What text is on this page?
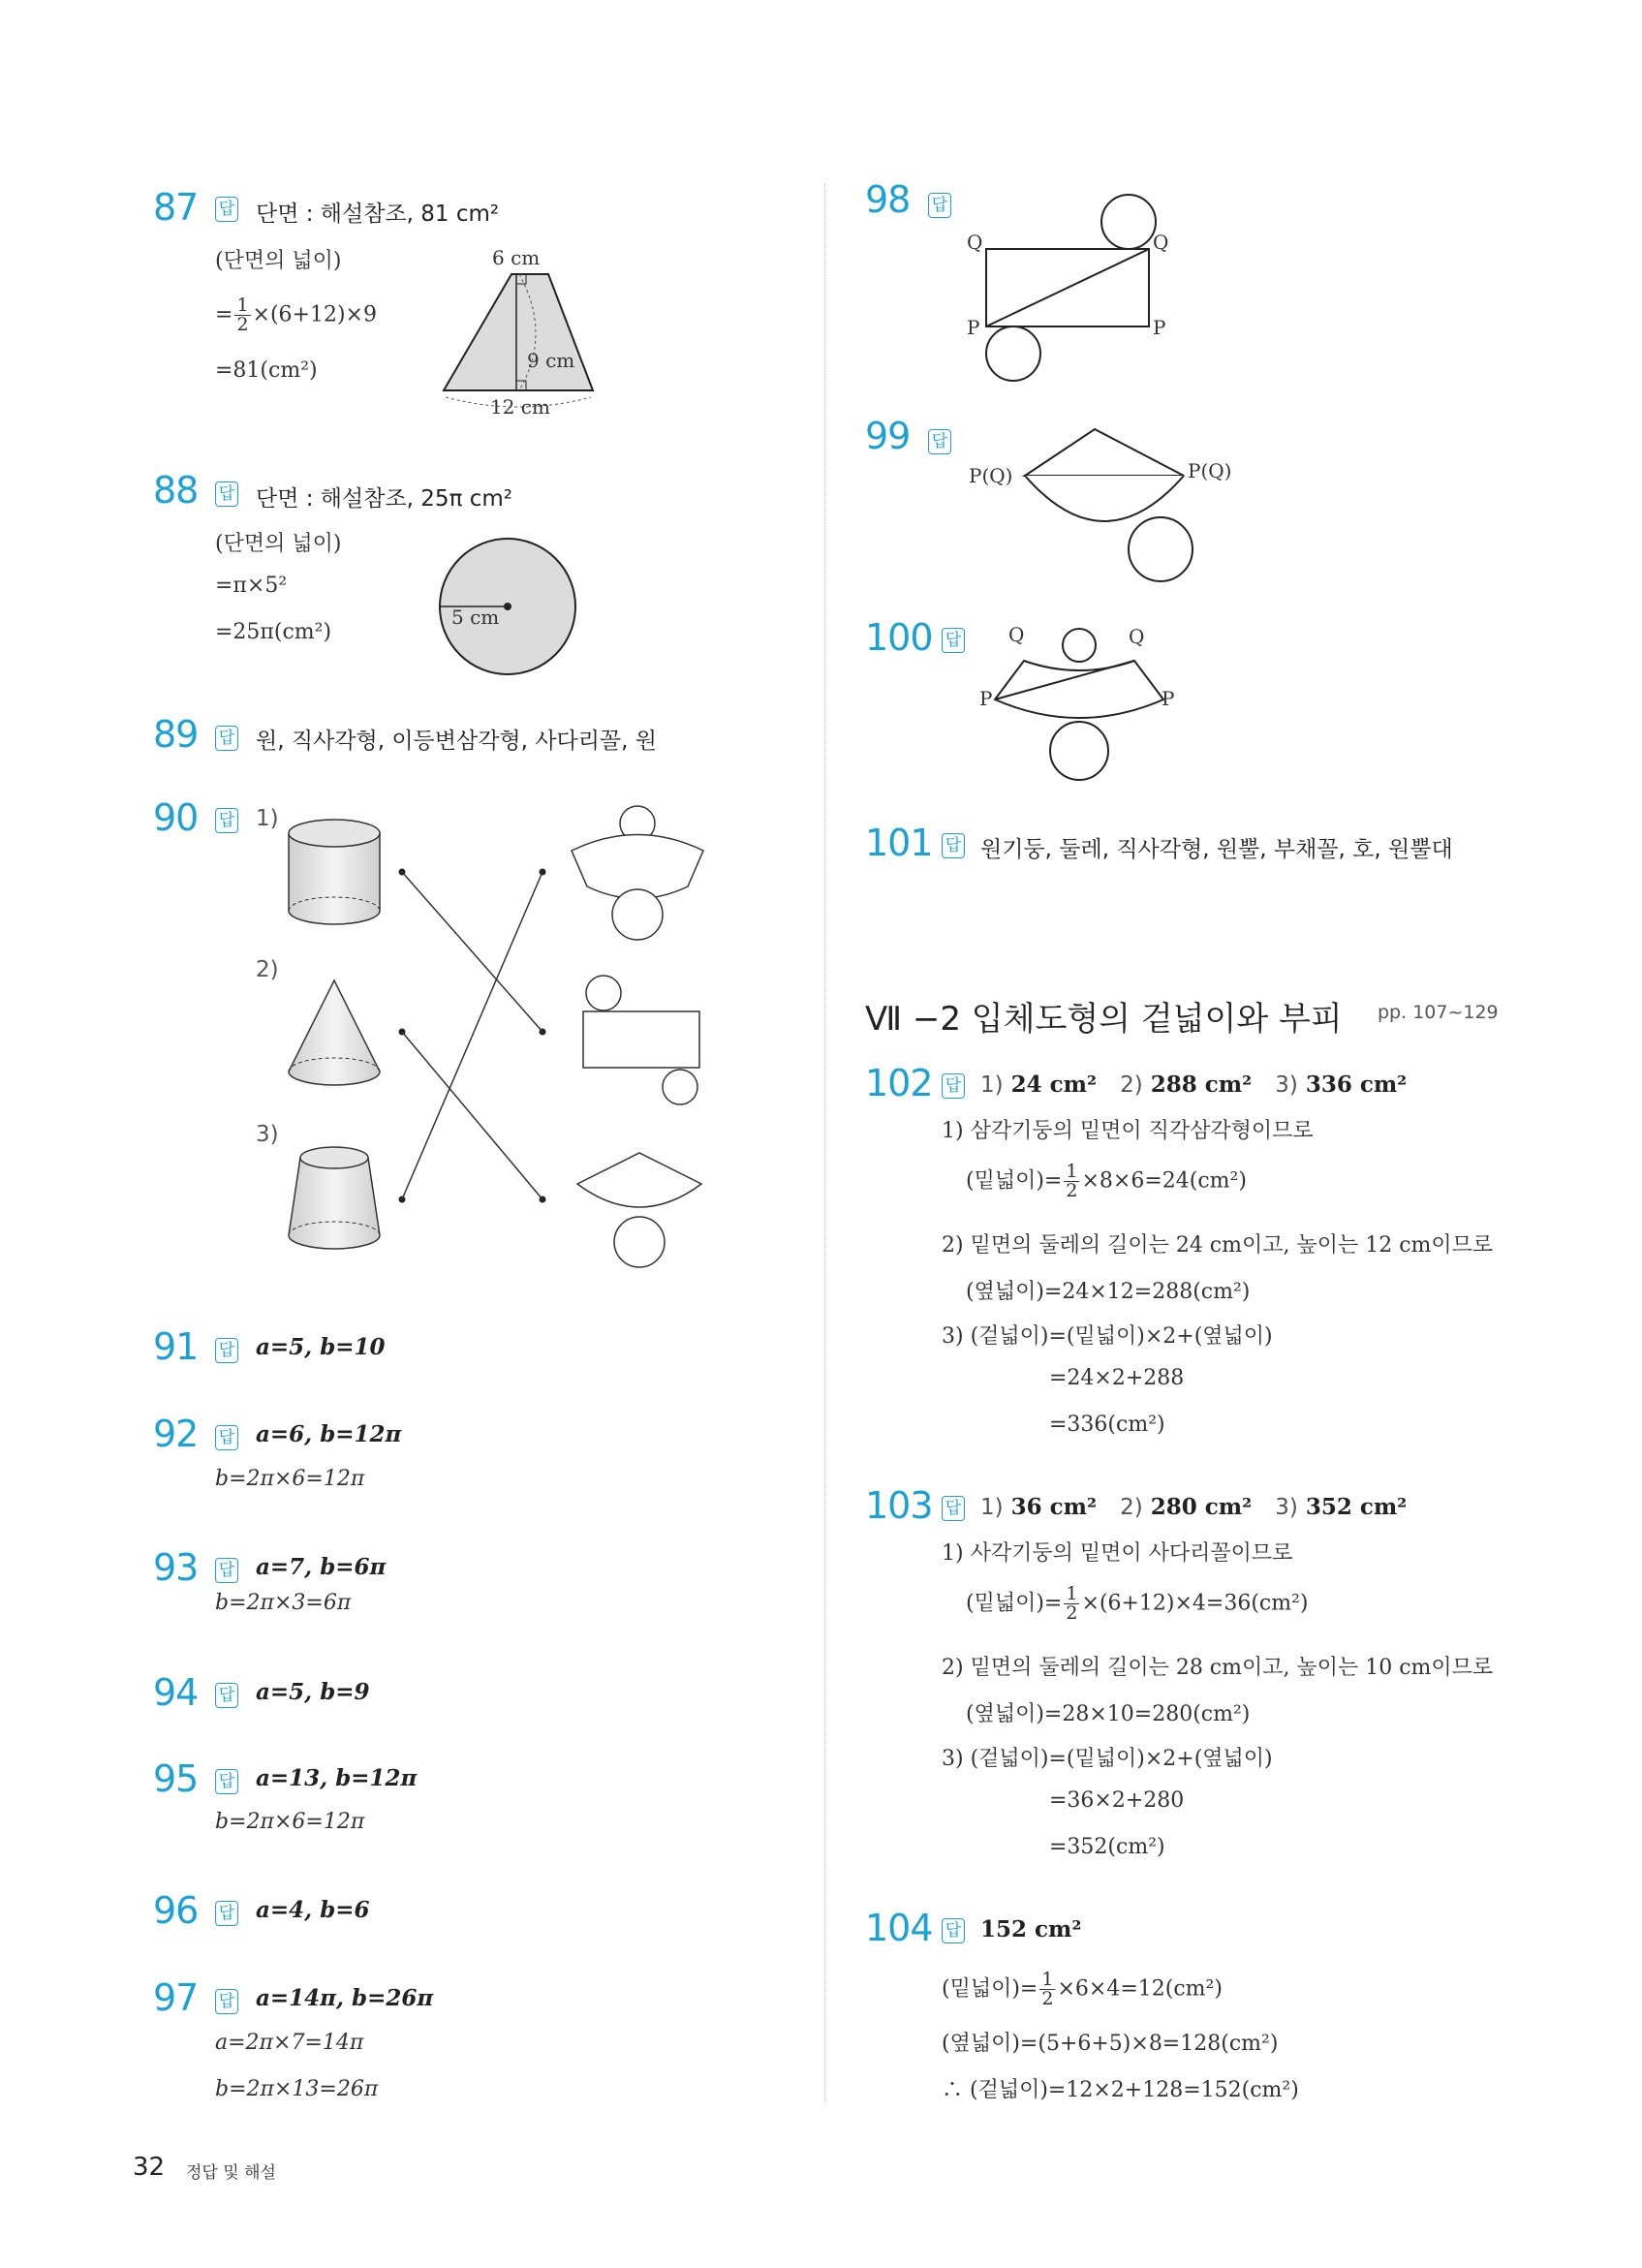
87 답 단면 : 해설참조, 81 cm²
(단면의 넓이)
= $\frac{1}{2} \times(6+12)\times 9$
=81(cm²)
6 cm
9 cm
12 cm
88 답 단면 : 해설참조, 25π cm²
(단면의 넓이)
=π×5²
=25π(cm²)
5 cm
89 답 원, 직사각형, 이등변삼각형, 사다리꼴, 원
90 답 1)
2)
3)
91 답 a=5, b=10
92 답 a=6, b=12π
b=2π×6=12π
93 답 a=7, b=6π
b=2π×3=6π
94 답 a=5, b=9
95 답 a=13, b=12π
b=2π×6=12π
96 답 a=4, b=6
97 답 a=14π, b=26π
a=2π×7=14π
b=2π×13=26π
32 정답 및 해설
98 답
Q	Q
P	P
99 답
P(Q)	P(Q)
100 답 Q	Q
P	P
101 답 원기둥, 둘레, 직사각형, 원뿔, 부채꼴, 호, 원뿔대
Ⅶ −2 입체도형의 겉넓이와 부피 pp. 107~129
102 답 1) 24 cm² 2) 288 cm² 3) 336 cm²
1) 삼각기둥의 밑면이 직각삼각형이므로
(밑넓이)= $\frac{1}{2} \times 8\times 6=24(cm^2)$
2) 밑면의 둘레의 길이는 24 cm이고, 높이는 12 cm이므로
(옆넓이)=24×12=288(cm²)
3) (겉넓이)=(밑넓이)×2+(옆넓이)
=24×2+288
=336(cm²)
103 답 1) 36 cm² 2) 280 cm² 3) 352 cm²
1) 사각기둥의 밑면이 사다리꼴이므로
(밑넓이)= $\frac{1}{2} \times(6+12)\times 4=36(cm^2)$
2) 밑면의 둘레의 길이는 28 cm이고, 높이는 10 cm이므로
(옆넓이)=28×10=280(cm²)
3) (겉넓이)=(밑넓이)×2+(옆넓이)
=36×2+280
=352(cm²)
104 답 152 cm²
(밑넓이)= $\frac{1}{2} \times 6\times 4=12(cm^2)$
(옆넓이)=(5+6+5)×8=128(cm²)
∴ (겉넓이)=12×2+128=152(cm²)
